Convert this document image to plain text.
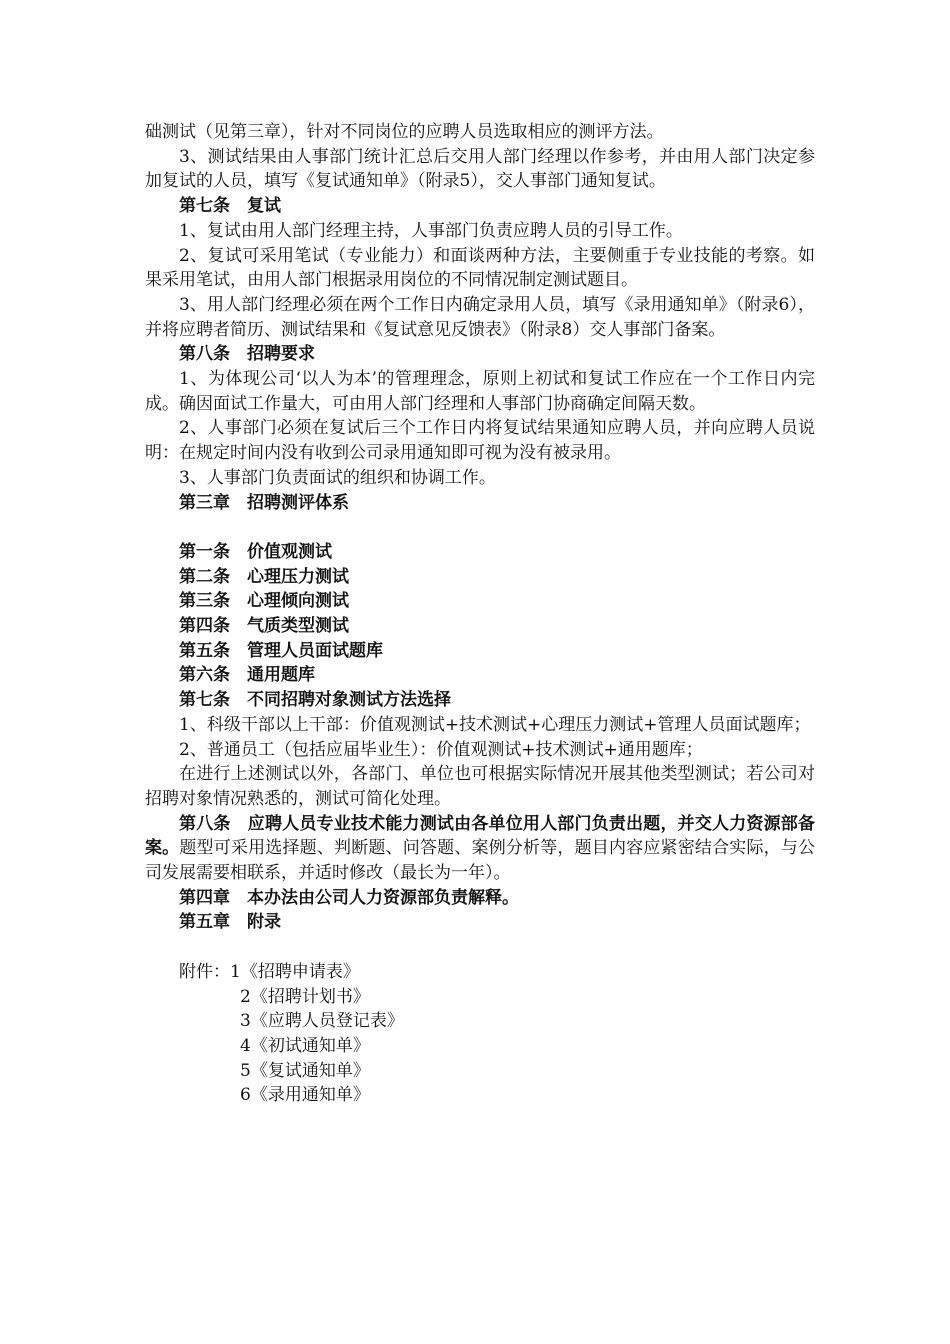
础测试（见第三章），针对不同岗位的应聘人员选取相应的测评方法。

3、测试结果由人事部门统计汇总后交用人部门经理以作参考，并由用人部门决定参加复试的人员，填写《复试通知单》（附录5），交人事部门通知复试。

第七条　复试

1、复试由用人部门经理主持，人事部门负责应聘人员的引导工作。

2、复试可采用笔试（专业能力）和面谈两种方法，主要侧重于专业技能的考察。如果采用笔试，由用人部门根据录用岗位的不同情况制定测试题目。

3、用人部门经理必须在两个工作日内确定录用人员，填写《录用通知单》（附录6），并将应聘者简历、测试结果和《复试意见反馈表》（附录8）交人事部门备案。

第八条　招聘要求

1、为体现公司‘以人为本’的管理理念，原则上初试和复试工作应在一个工作日内完成。确因面试工作量大，可由用人部门经理和人事部门协商确定间隔天数。

2、人事部门必须在复试后三个工作日内将复试结果通知应聘人员，并向应聘人员说明：在规定时间内没有收到公司录用通知即可视为没有被录用。

3、人事部门负责面试的组织和协调工作。

第三章　招聘测评体系

第一条　价值观测试

第二条　心理压力测试

第三条　心理倾向测试

第四条　气质类型测试

第五条　管理人员面试题库

第六条　通用题库

第七条　不同招聘对象测试方法选择

1、科级干部以上干部：价值观测试+技术测试+心理压力测试+管理人员面试题库；

2、普通员工（包括应届毕业生）：价值观测试+技术测试+通用题库；

在进行上述测试以外，各部门、单位也可根据实际情况开展其他类型测试；若公司对招聘对象情况熟悉的，测试可简化处理。

第八条　应聘人员专业技术能力测试由各单位用人部门负责出题，并交人力资源部备案。题型可采用选择题、判断题、问答题、案例分析等，题目内容应紧密结合实际，与公司发展需要相联系，并适时修改（最长为一年）。

第四章　本办法由公司人力资源部负责解释。

第五章　附录

附件：1《招聘申请表》

2《招聘计划书》

3《应聘人员登记表》

4《初试通知单》

5《复试通知单》

6《录用通知单》
